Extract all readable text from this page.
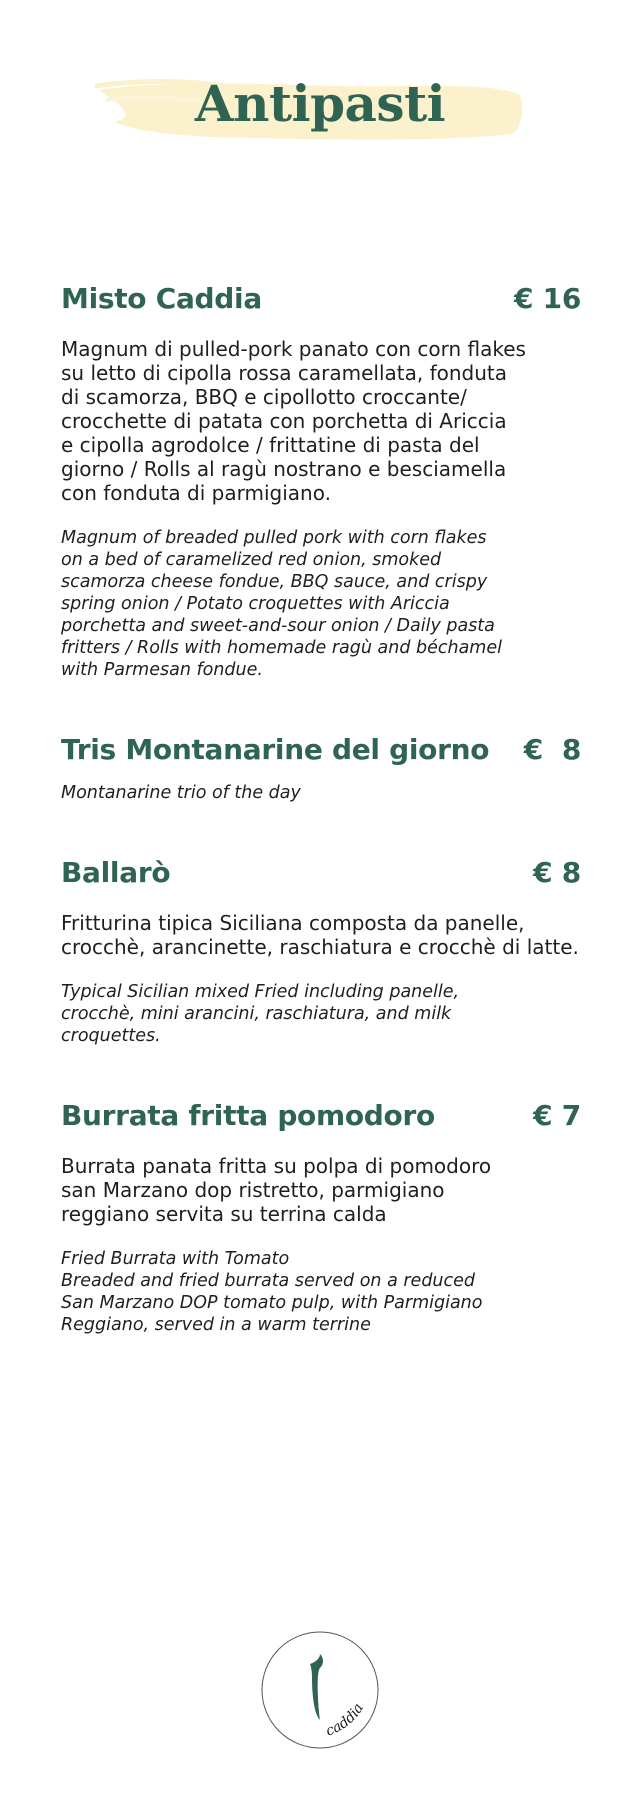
Antipasti
Misto Caddia	€ 16

Magnum di pulled-pork panato con corn flakes
su letto di cipolla rossa caramellata, fonduta
di scamorza, BBQ e cipollotto croccante/
crocchette di patata con porchetta di Ariccia
e cipolla agrodolce / frittatine di pasta del
giorno / Rolls al ragù nostrano e besciamella
con fonduta di parmigiano.

Magnum of breaded pulled pork with corn flakes
on a bed of caramelized red onion, smoked
scamorza cheese fondue, BBQ sauce, and crispy
spring onion / Potato croquettes with Ariccia
porchetta and sweet-and-sour onion / Daily pasta
fritters / Rolls with homemade ragù and béchamel
with Parmesan fondue.

Tris Montanarine del giorno €  8

Montanarine trio of the day

Ballarò	€ 8

Fritturina tipica Siciliana composta da panelle,
crocchè, arancinette, raschiatura e crocchè di latte.

Typical Sicilian mixed Fried including panelle,
crocchè, mini arancini, raschiatura, and milk
croquettes.

Burrata fritta pomodoro	€ 7

Burrata panata fritta su polpa di pomodoro
san Marzano dop ristretto, parmigiano
reggiano servita su terrina calda

Fried Burrata with Tomato
Breaded and fried burrata served on a reduced
San Marzano DOP tomato pulp, with Parmigiano
Reggiano, served in a warm terrine

caddia
